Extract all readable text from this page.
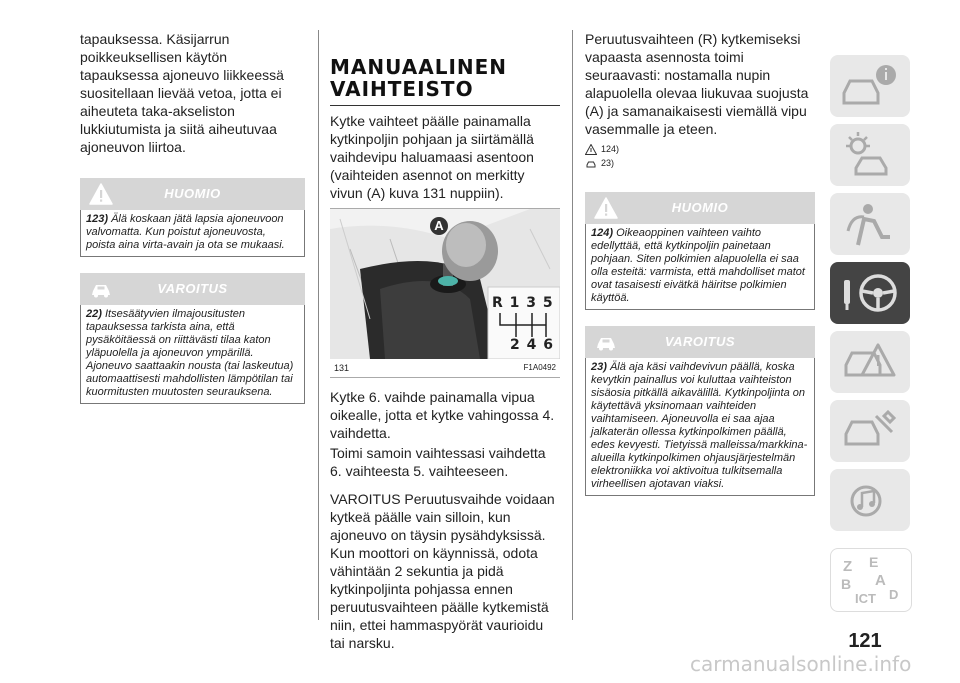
tapauksessa. Käsijarrun poikkeuksellisen käytön tapauksessa ajoneuvo liikkeessä suositellaan lievää vetoa, jotta ei aiheuteta taka-akseliston lukkiutumista ja siitä aiheutuvaa ajoneuvon liirtoa.

HUOMIO
123) Älä koskaan jätä lapsia ajoneuvoon valvomatta. Kun poistut ajoneuvosta, poista aina virta-avain ja ota se mukaasi.
VAROITUS
22) Itsesäätyvien ilmajousitusten tapauksessa tarkista aina, että pysäköitäessä on riittävästi tilaa katon yläpuolella ja ajoneuvon ympärillä. Ajoneuvo saattaakin nousta (tai laskeutua) automaattisesti mahdollisten lämpötilan tai kuormitusten muutosten seurauksena.

MANUAALINEN

VAIHTEISTO

Kytke vaihteet päälle painamalla kytkinpoljin pohjaan ja siirtämällä vaihdevipu haluamaasi asentoon (vaihteiden asennot on merkitty vivun (A) kuva 131 nuppiin).

A
R 1 3 5
2 4 6
131	F1A0492

Kytke 6. vaihde painamalla vipua oikealle, jotta et kytke vahingossa 4. vaihdetta.

Toimi samoin vaihtessasi vaihdetta 6. vaihteesta 5. vaihteeseen.

VAROITUS Peruutusvaihde voidaan kytkeä päälle vain silloin, kun ajoneuvo on täysin pysähdyksissä. Kun moottori on käynnissä, odota vähintään 2 sekuntia ja pidä kytkinpoljinta pohjassa ennen peruutusvaihteen päälle kytkemistä niin, ettei hammaspyörät vaurioidu tai narsku.

Peruutusvaihteen (R) kytkemiseksi vapaasta asennosta toimi seuraavasti: nostamalla nupin alapuolella olevaa liukuvaa suojusta (A) ja samanaikaisesti viemällä vipu vasemmalle ja eteen.

124)
23)
HUOMIO
124) Oikeaoppinen vaihteen vaihto edellyttää, että kytkinpoljin painetaan pohjaan. Siten polkimien alapuolella ei saa olla esteitä: varmista, että mahdolliset matot ovat tasaisesti eivätkä häiritse polkimien käyttöä.
VAROITUS
23) Älä aja käsi vaihdevivun päällä, koska kevytkin painallus voi kuluttaa vaihteiston sisäosia pitkällä aikavälillä. Kytkinpoljinta on käytettävä yksinomaan vaihteiden vaihtamiseen. Ajoneuvolla ei saa ajaa jalkaterän ollessa kytkinpolkimen päällä, edes kevyesti. Tietyissä malleissa/markkina-alueilla kytkinpolkimen ohjausjärjestelmän elektroniikka voi aktivoitua tulkitsemalla virheellisen ajotavan viaksi.
Z E
B A
ICT D
121
carmanualsonline.info
